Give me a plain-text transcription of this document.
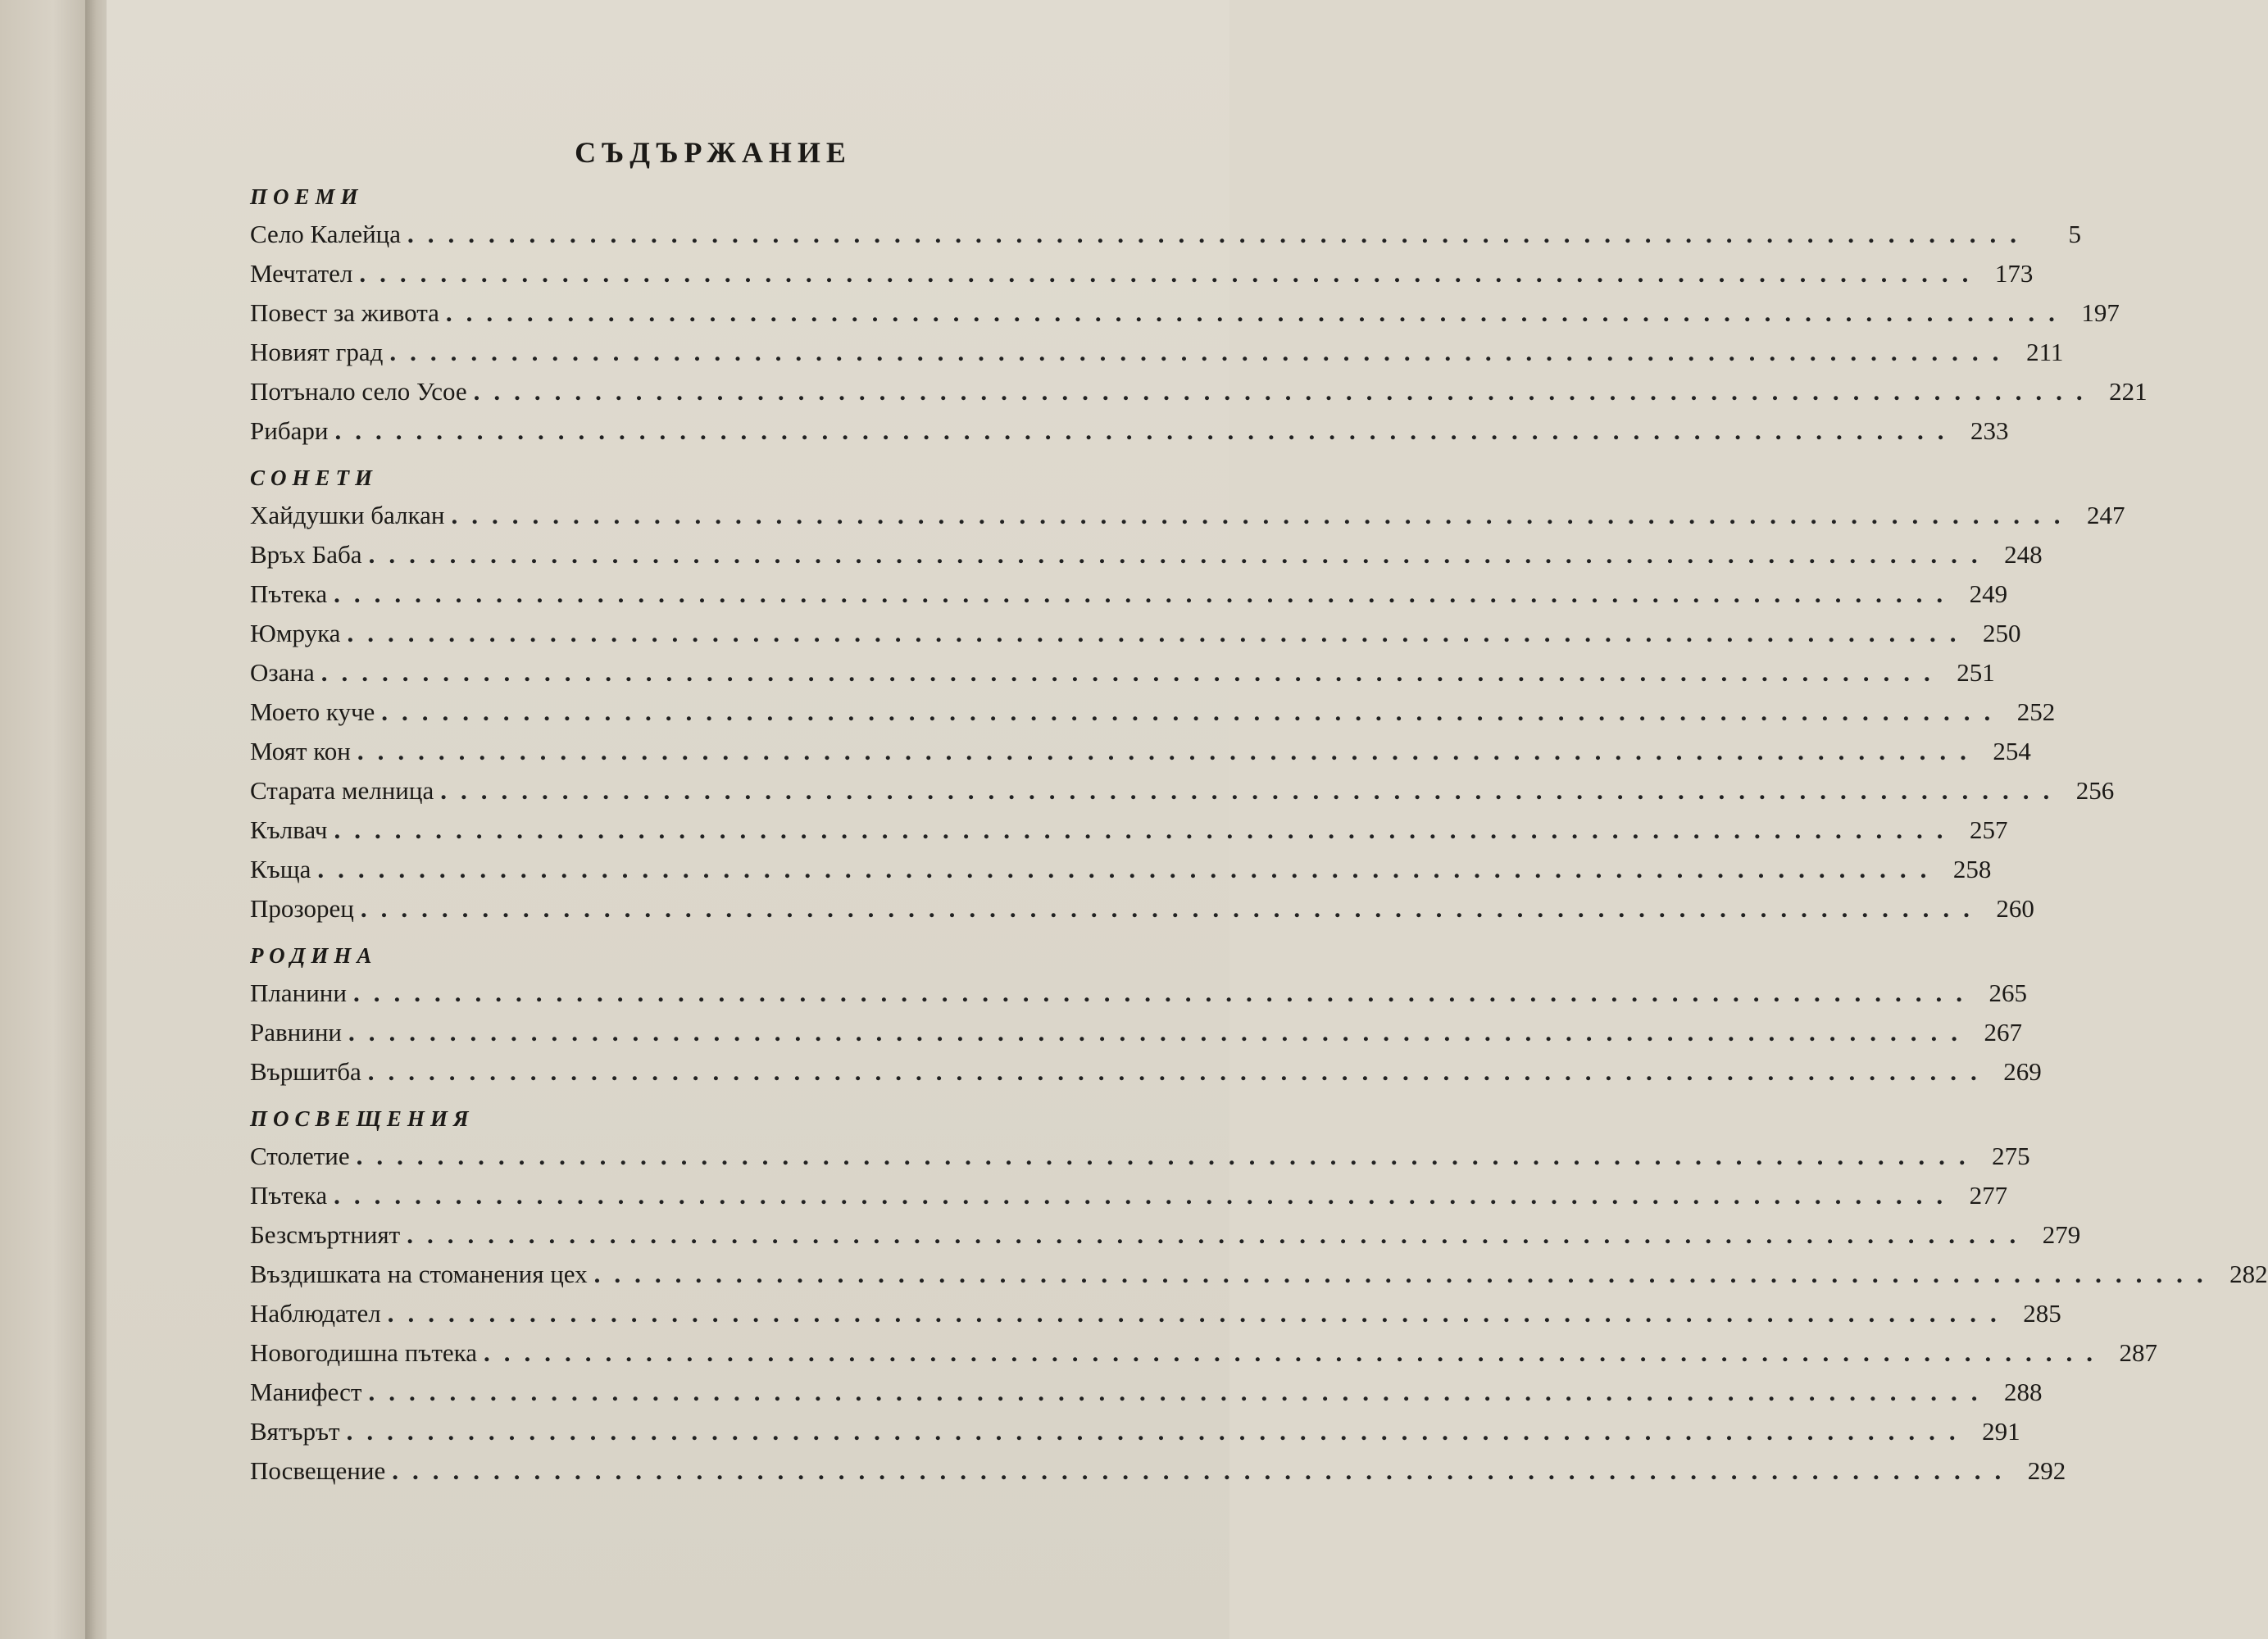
СЪДЪРЖАНИЕ
ПОЕМИ
Село Калейца ................................................................................	5
Мечтател ................................................................................ 173
Повест за живота ................................................................................ 197
Новият град ................................................................................ 211
Потънало село Усое ................................................................................ 221
Рибари ................................................................................ 233
СОНЕТИ
Хайдушки балкан ................................................................................ 247
Връх Баба ................................................................................ 248
Пътека ................................................................................ 249
Юмрука ................................................................................ 250
Озана ................................................................................ 251
Моето куче ................................................................................ 252
Моят кон ................................................................................ 254
Старата мелница ................................................................................ 256
Кълвач ................................................................................ 257
Къща ................................................................................ 258
Прозорец ................................................................................ 260
РОДИНА
Планини ................................................................................ 265
Равнини ................................................................................ 267
Вършитба ................................................................................ 269
ПОСВЕЩЕНИЯ
Столетие ................................................................................ 275
Пътека ................................................................................ 277
Безсмъртният ................................................................................ 279
Въздишката на стоманения цех ................................................................................ 282
Наблюдател ................................................................................ 285
Новогодишна пътека ................................................................................ 287
Манифест ................................................................................ 288
Вятърът ................................................................................ 291
Посвещение ................................................................................ 292
